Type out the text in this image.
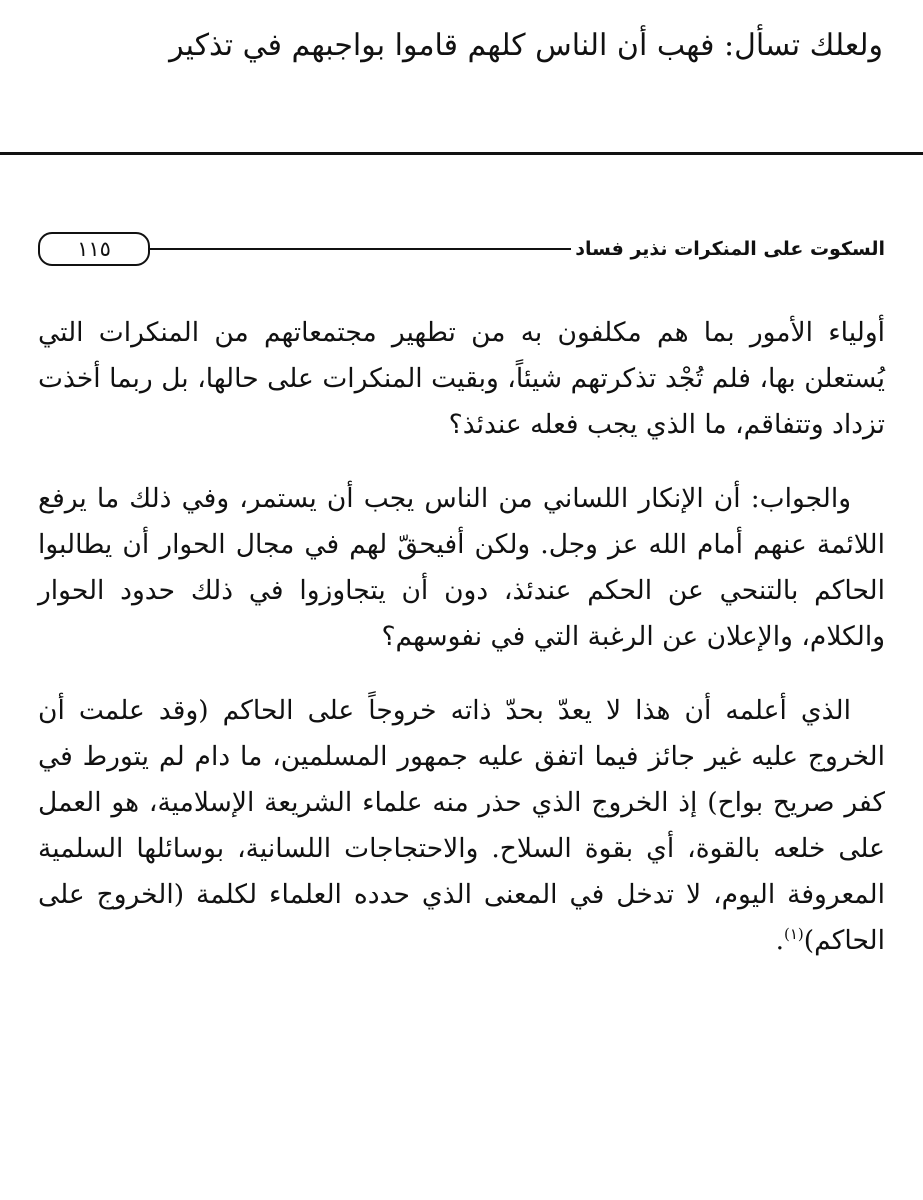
ولعلك تسأل: فهب أن الناس كلهم قاموا بواجبهم في تذكير
السكوت على المنكرات نذير فساد
١١٥

أولياء الأمور بما هم مكلفون به من تطهير مجتمعاتهم من المنكرات التي يُستعلن بها، فلم تُجْد تذكرتهم شيئاً، وبقيت المنكرات على حالها، بل ربما أخذت تزداد وتتفاقم، ما الذي يجب فعله عندئذ؟

والجواب: أن الإنكار اللساني من الناس يجب أن يستمر، وفي ذلك ما يرفع اللائمة عنهم أمام الله عز وجل. ولكن أفيحقّ لهم في مجال الحوار أن يطالبوا الحاكم بالتنحي عن الحكم عندئذ، دون أن يتجاوزوا في ذلك حدود الحوار والكلام، والإعلان عن الرغبة التي في نفوسهم؟

الذي أعلمه أن هذا لا يعدّ بحدّ ذاته خروجاً على الحاكم (وقد علمت أن الخروج عليه غير جائز فيما اتفق عليه جمهور المسلمين، ما دام لم يتورط في كفر صريح بواح) إذ الخروج الذي حذر منه علماء الشريعة الإسلامية، هو العمل على خلعه بالقوة، أي بقوة السلاح. والاحتجاجات اللسانية، بوسائلها السلمية المعروفة اليوم، لا تدخل في المعنى الذي حدده العلماء لكلمة (الخروج على الحاكم)$^{(١)}$.
